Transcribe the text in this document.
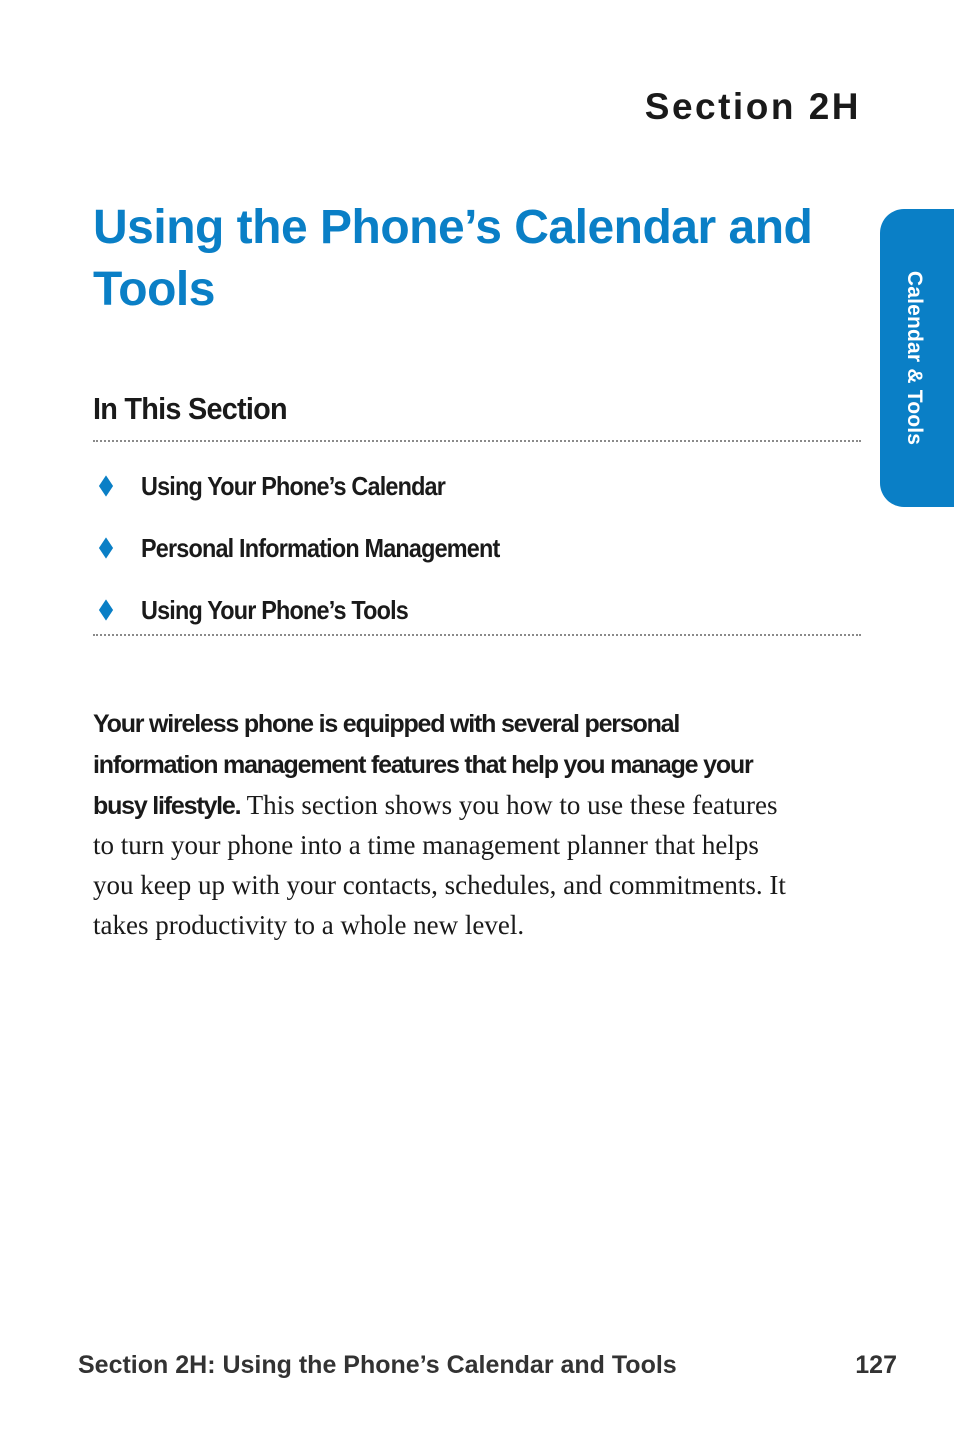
Section 2H
Using the Phone’s Calendar and Tools	Calendar & Tools
In This Section
Using Your Phone’s Calendar
Personal Information Management
Using Your Phone’s Tools

Your wireless phone is equipped with several personal information management features that help you manage your busy lifestyle. This section shows you how to use these features to turn your phone into a time management planner that helps you keep up with your contacts, schedules, and commitments. It takes productivity to a whole new level.

Section 2H: Using the Phone’s Calendar and Tools	127
